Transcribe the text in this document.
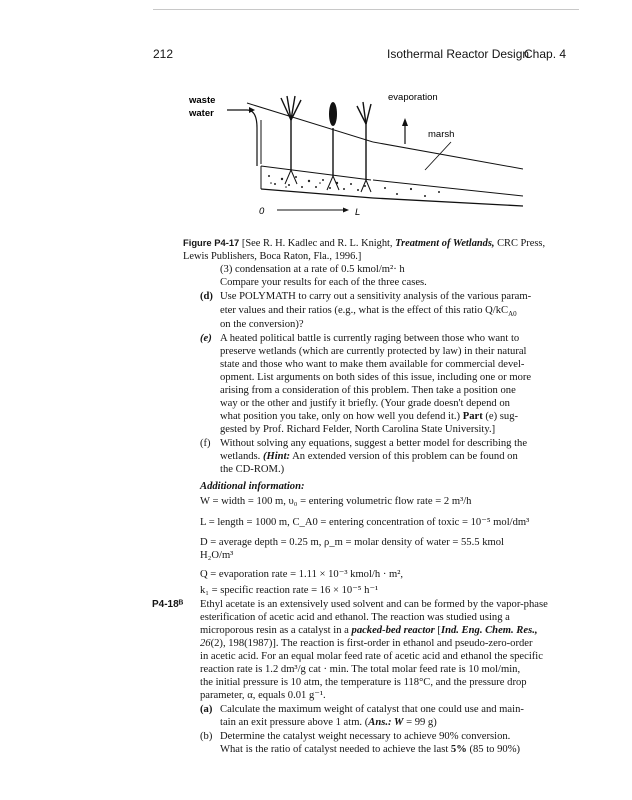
212	Isothermal Reactor Design
Chap. 4
waste
water
0	L
evaporation
marsh
Figure P4-17 [See R. H. Kadlec and R. L. Knight, Treatment of Wetlands, CRC Press, Lewis Publishers, Boca Raton, Fla., 1996.]
(3) condensation at a rate of 0.5 kmol/m²· h
Compare your results for each of the three cases.
(d) Use POLYMATH to carry out a sensitivity analysis of the various param-
eter values and their ratios (e.g., what is the effect of this ratio $Q/kC_{A0}$
on the conversion)?
(e) A heated political battle is currently raging between those who want to
preserve wetlands (which are currently protected by law) in their natural
state and those who want to make them available for commercial devel-
opment. List arguments on both sides of this issue, including one or more
arising from a consideration of this problem. Then take a position one
way or the other and justify it briefly. (Your grade doesn't depend on
what position you take, only on how well you defend it.) Part (e) sug-
gested by Prof. Richard Felder, North Carolina State University.]
(f) Without solving any equations, suggest a better model for describing the
wetlands. (Hint: An extended version of this problem can be found on
the CD-ROM.)
Additional information:
W = width = 100 m, υ₀ = entering volumetric flow rate = 2 m³/h
L = length = 1000 m, C_A0 = entering concentration of toxic = 10⁻⁵ mol/dm³
D = average depth = 0.25 m, ρ_m = molar density of water = 55.5 kmol
H₂O/m³
Q = evaporation rate = 1.11 × 10⁻³ kmol/h · m²,
k₁ = specific reaction rate = 16 × 10⁻⁵ h⁻¹
P4-18ᴮ Ethyl acetate is an extensively used solvent and can be formed by the vapor-phase
esterification of acetic acid and ethanol. The reaction was studied using a
microporous resin as a catalyst in a packed-bed reactor [Ind. Eng. Chem. Res.,
26(2), 198(1987)]. The reaction is first-order in ethanol and pseudo-zero-order
in acetic acid. For an equal molar feed rate of acetic acid and ethanol the specific
reaction rate is 1.2 dm³/g cat · min. The total molar feed rate is 10 mol/min,
the initial pressure is 10 atm, the temperature is 118°C, and the pressure drop
parameter, α, equals 0.01 g⁻¹.
(a) Calculate the maximum weight of catalyst that one could use and main-
tain an exit pressure above 1 atm. (Ans.: W = 99 g)
(b) Determine the catalyst weight necessary to achieve 90% conversion.
What is the ratio of catalyst needed to achieve the last 5% (85 to 90%)
